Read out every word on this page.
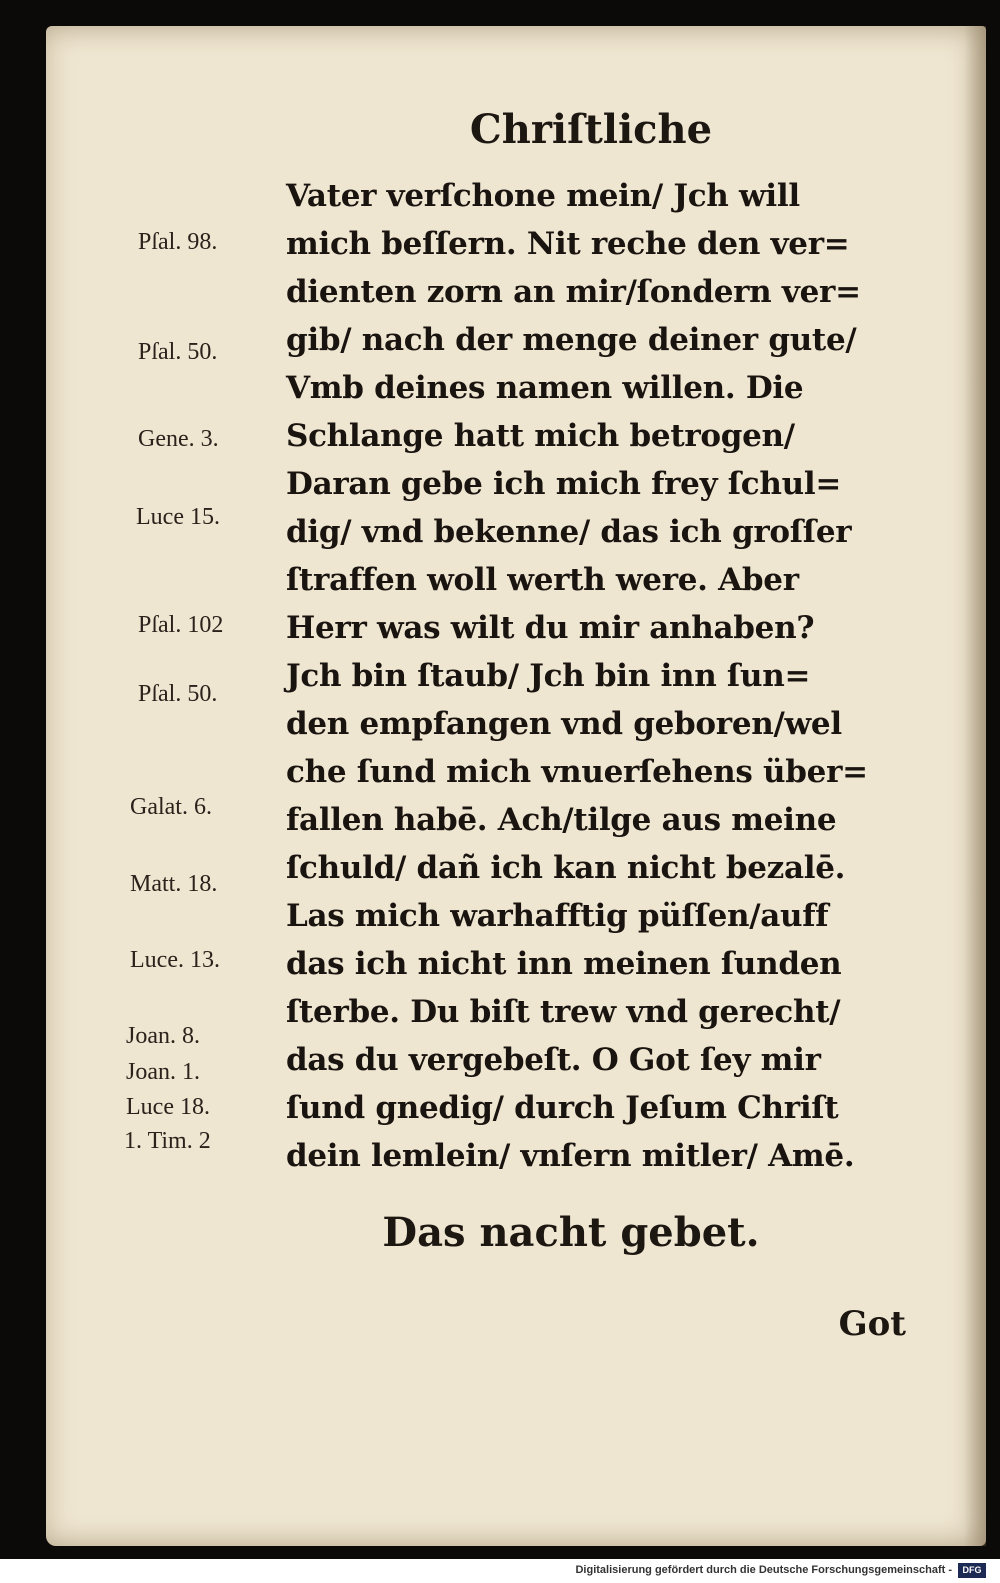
Chriſtliche
Pſal. 98.
Pſal. 50.
Gene. 3.
Luce 15.
Pſal. 102
Pſal. 50.
Galat. 6.
Matt. 18.
Luce. 13.
Joan. 8.
Joan. 1.
Luce 18.
1. Tim. 2
Vater verſchone mein/ Jch will
mich beſſern. Nit reche den ver=
dienten zorn an mir/ſondern ver=
gib/ nach der menge deiner gute/
Vmb deines namen willen. Die
Schlange hatt mich betrogen/
Daran gebe ich mich frey ſchul=
dig/ vnd bekenne/ das ich groſſer
ſtraffen woll werth were. Aber
Herr was wilt du mir anhaben?
Jch bin ſtaub/ Jch bin inn ſun=
den empfangen vnd geboren/wel
che ſund mich vnuerſehens über=
fallen habē. Ach/tilge aus meine
ſchuld/ dañ ich kan nicht bezalē.
Las mich warhafftig püſſen/auff
das ich nicht inn meinen ſunden
ſterbe. Du biſt trew vnd gerecht/
das du vergebeſt. O Got ſey mir
ſund gnedig/ durch Jeſum Chriſt
dein lemlein/ vnſern mitler/ Amē.
Das nacht gebet.
Got
Digitalisierung gefördert durch die Deutsche Forschungsgemeinschaft -	DFG
